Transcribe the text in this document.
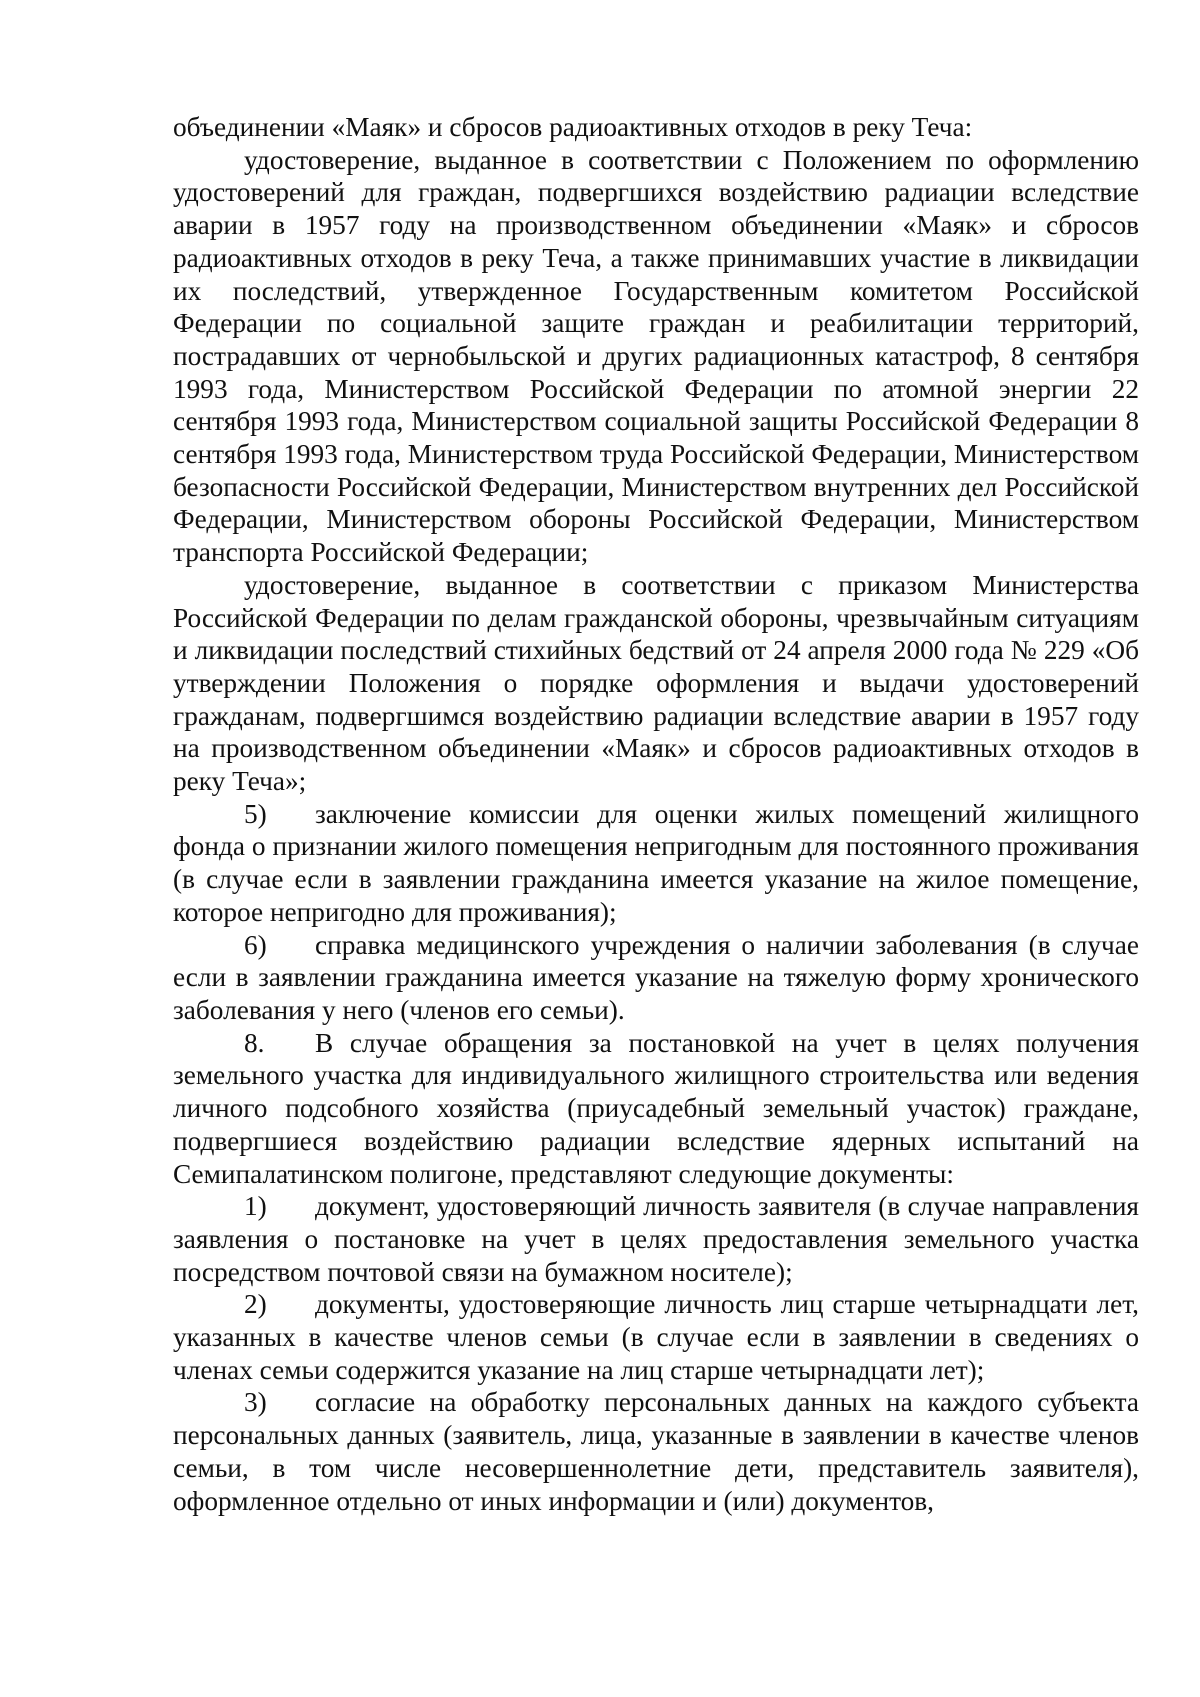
объединении «Маяк» и сбросов радиоактивных отходов в реку Теча:

удостоверение, выданное в соответствии с Положением по оформлению удостоверений для граждан, подвергшихся воздействию радиации вследствие аварии в 1957 году на производственном объединении «Маяк» и сбросов радиоактивных отходов в реку Теча, а также принимавших участие в ликвидации их последствий, утвержденное Государственным комитетом Российской Федерации по социальной защите граждан и реабилитации территорий, пострадавших от чернобыльской и других радиационных катастроф, 8 сентября 1993 года, Министерством Российской Федерации по атомной энергии 22 сентября 1993 года, Министерством социальной защиты Российской Федерации 8 сентября 1993 года, Министерством труда Российской Федерации, Министерством безопасности Российской Федерации, Министерством внутренних дел Российской Федерации, Министерством обороны Российской Федерации, Министерством транспорта Российской Федерации;

удостоверение, выданное в соответствии с приказом Министерства Российской Федерации по делам гражданской обороны, чрезвычайным ситуациям и ликвидации последствий стихийных бедствий от 24 апреля 2000 года № 229 «Об утверждении Положения о порядке оформления и выдачи удостоверений гражданам, подвергшимся воздействию радиации вследствие аварии в 1957 году на производственном объединении «Маяк» и сбросов радиоактивных отходов в реку Теча»;

5) заключение комиссии для оценки жилых помещений жилищного фонда о признании жилого помещения непригодным для постоянного проживания (в случае если в заявлении гражданина имеется указание на жилое помещение, которое непригодно для проживания);

6) справка медицинского учреждения о наличии заболевания (в случае если в заявлении гражданина имеется указание на тяжелую форму хронического заболевания у него (членов его семьи).

8. В случае обращения за постановкой на учет в целях получения земельного участка для индивидуального жилищного строительства или ведения личного подсобного хозяйства (приусадебный земельный участок) граждане, подвергшиеся воздействию радиации вследствие ядерных испытаний на Семипалатинском полигоне, представляют следующие документы:

1) документ, удостоверяющий личность заявителя (в случае направления заявления о постановке на учет в целях предоставления земельного участка посредством почтовой связи на бумажном носителе);

2) документы, удостоверяющие личность лиц старше четырнадцати лет, указанных в качестве членов семьи (в случае если в заявлении в сведениях о членах семьи содержится указание на лиц старше четырнадцати лет);

3) согласие на обработку персональных данных на каждого субъекта персональных данных (заявитель, лица, указанные в заявлении в качестве членов семьи, в том числе несовершеннолетние дети, представитель заявителя), оформленное отдельно от иных информации и (или) документов,
